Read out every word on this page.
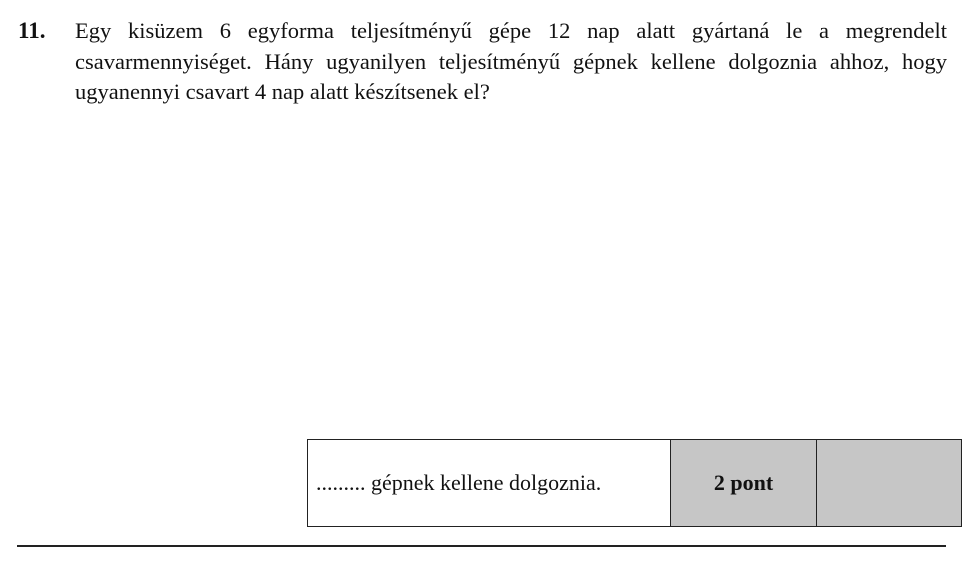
11. Egy kisüzem 6 egyforma teljesítményű gépe 12 nap alatt gyártaná le a megrendelt csavarmennyiséget. Hány ugyanilyen teljesítményű gépnek kellene dolgoznia ahhoz, hogy ugyanennyi csavart 4 nap alatt készítsenek el?

......... gépnek kellene dolgoznia.	2 pont	
